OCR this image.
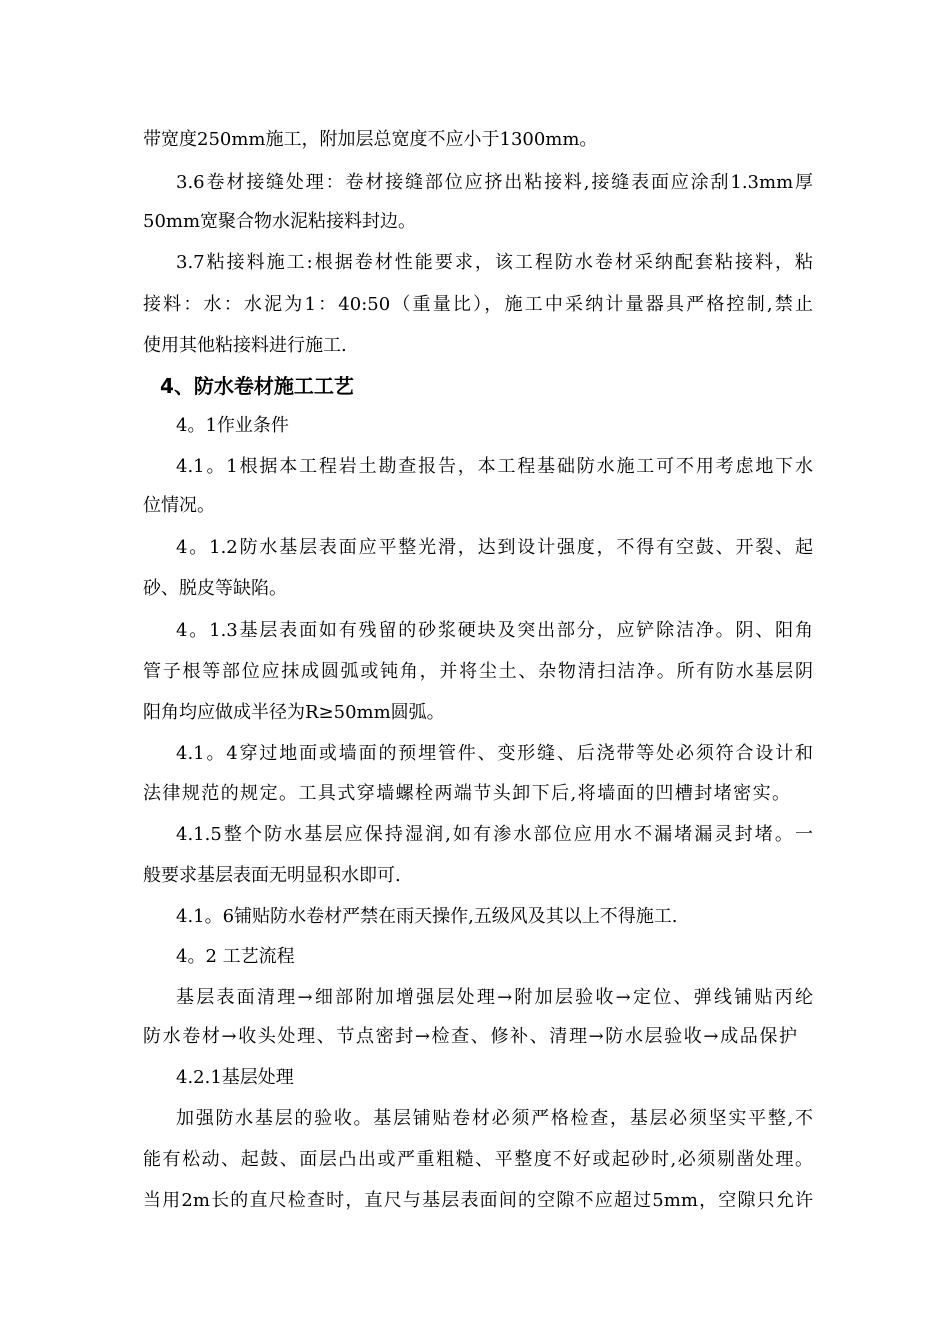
带宽度250mm施工，附加层总宽度不应小于1300mm。
3.6卷材接缝处理：卷材接缝部位应挤出粘接料,接缝表面应涂刮1.3mm厚
50mm宽聚合物水泥粘接料封边。
3.7粘接料施工:根据卷材性能要求，该工程防水卷材采纳配套粘接料，粘
接料：水：水泥为1：40:50（重量比），施工中采纳计量器具严格控制,禁止
使用其他粘接料进行施工.
4、防水卷材施工工艺
4。1作业条件
4.1。1根据本工程岩土勘查报告，本工程基础防水施工可不用考虑地下水
位情况。
4。1.2防水基层表面应平整光滑，达到设计强度，不得有空鼓、开裂、起
砂、脱皮等缺陷。
4。1.3基层表面如有残留的砂浆硬块及突出部分，应铲除洁净。阴、阳角
管子根等部位应抹成圆弧或钝角，并将尘土、杂物清扫洁净。所有防水基层阴
阳角均应做成半径为R≥50mm圆弧。
4.1。4穿过地面或墙面的预埋管件、变形缝、后浇带等处必须符合设计和
法律规范的规定。工具式穿墙螺栓两端节头卸下后,将墙面的凹槽封堵密实。
4.1.5整个防水基层应保持湿润,如有渗水部位应用水不漏堵漏灵封堵。一
般要求基层表面无明显积水即可.
4.1。6铺贴防水卷材严禁在雨天操作,五级风及其以上不得施工.
4。2 工艺流程
基层表面清理→细部附加增强层处理→附加层验收→定位、弹线铺贴丙纶
防水卷材→收头处理、节点密封→检查、修补、清理→防水层验收→成品保护
4.2.1基层处理
加强防水基层的验收。基层铺贴卷材必须严格检查，基层必须坚实平整,不
能有松动、起鼓、面层凸出或严重粗糙、平整度不好或起砂时,必须剔凿处理。
当用2m长的直尺检查时，直尺与基层表面间的空隙不应超过5mm，空隙只允许
